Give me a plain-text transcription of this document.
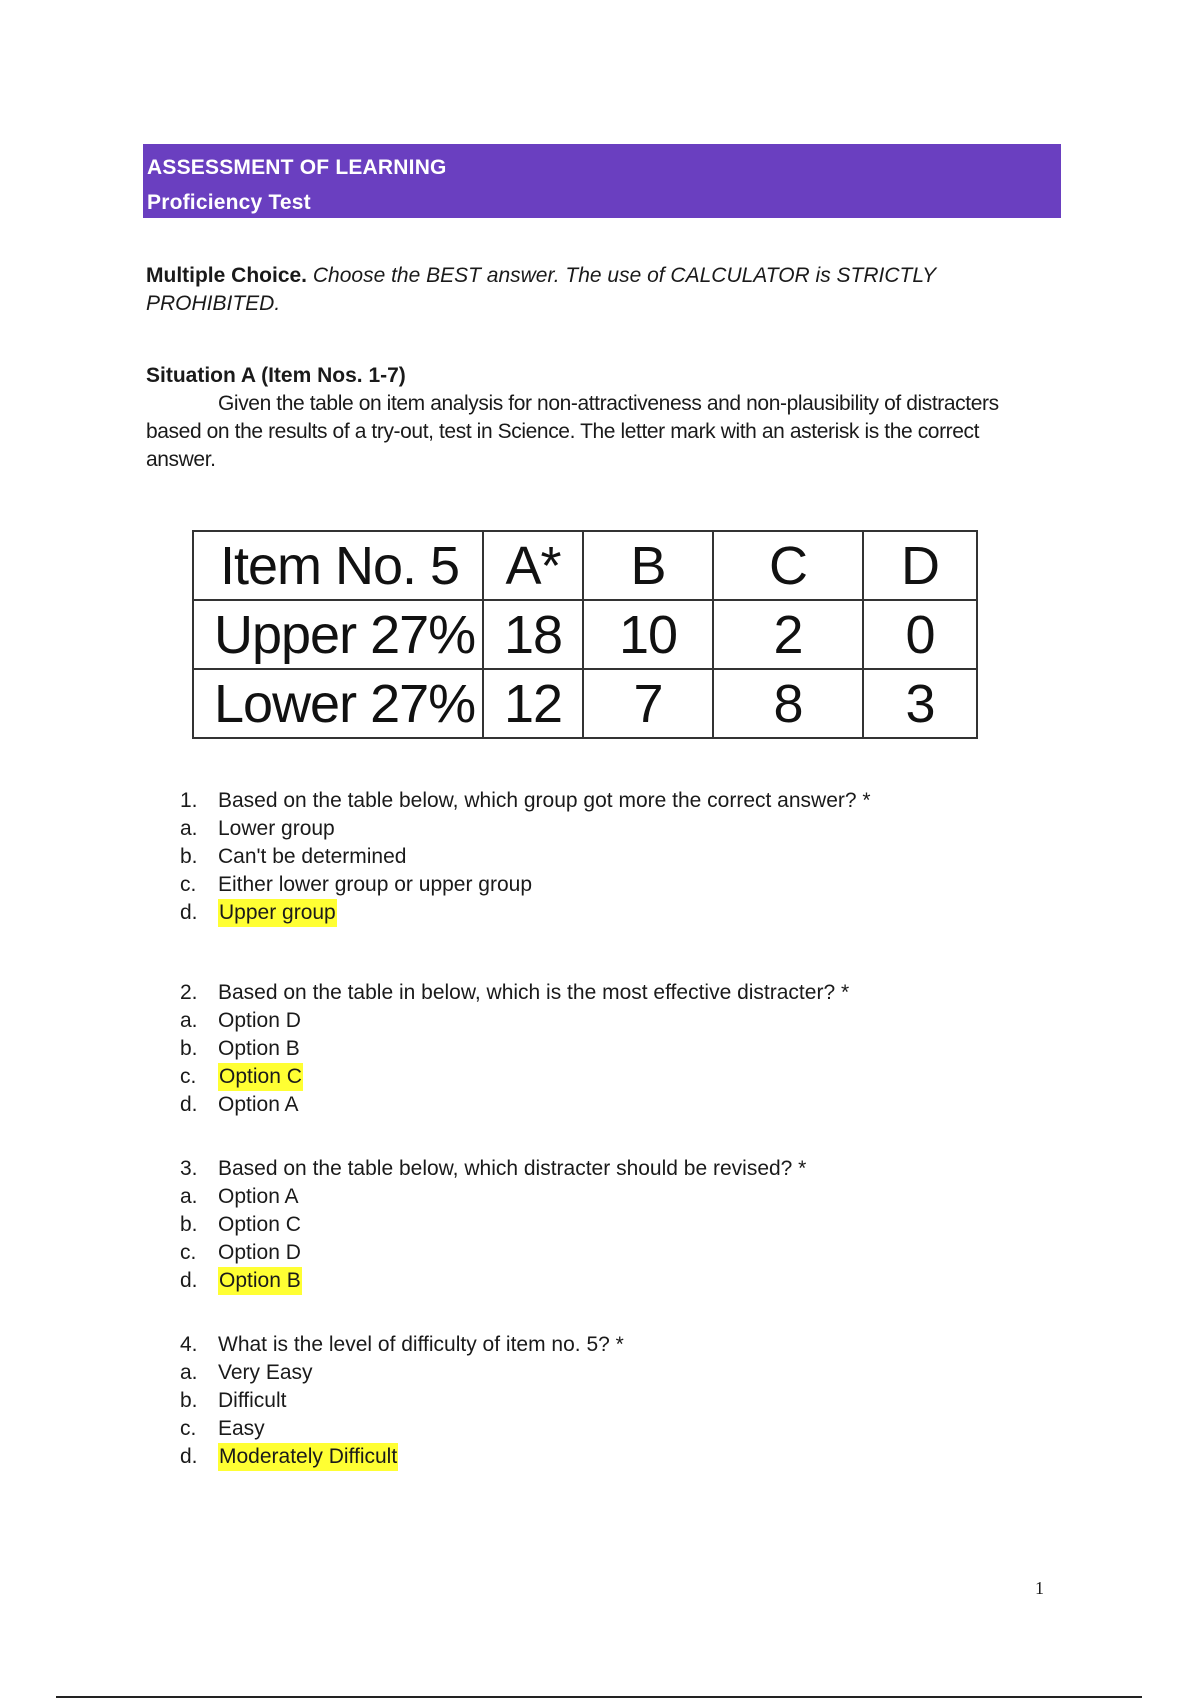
ASSESSMENT OF LEARNING
Proficiency Test
Multiple Choice. Choose the BEST answer. The use of CALCULATOR is STRICTLY PROHIBITED.
Situation A (Item Nos. 1-7)
Given the table on item analysis for non-attractiveness and non-plausibility of distracters based on the results of a try-out, test in Science. The letter mark with an asterisk is the correct answer.
Item No. 5	A*	B	C	D
Upper 27%	18	10	2	0
Lower 27%	12	7	8	3
1. Based on the table below, which group got more the correct answer? *
a. Lower group
b. Can't be determined
c.	Either lower group or upper group
d.	Upper group
2. Based on the table in below, which is the most effective distracter? *
a. Option D
b. Option B
c.	Option C
d. Option A
3. Based on the table below, which distracter should be revised? *
a. Option A
b. Option C
c.	Option D
d.	Option B
4. What is the level of difficulty of item no. 5? *
a. Very Easy
b. Difficult
c.	Easy
d.	Moderately Difficult
1
